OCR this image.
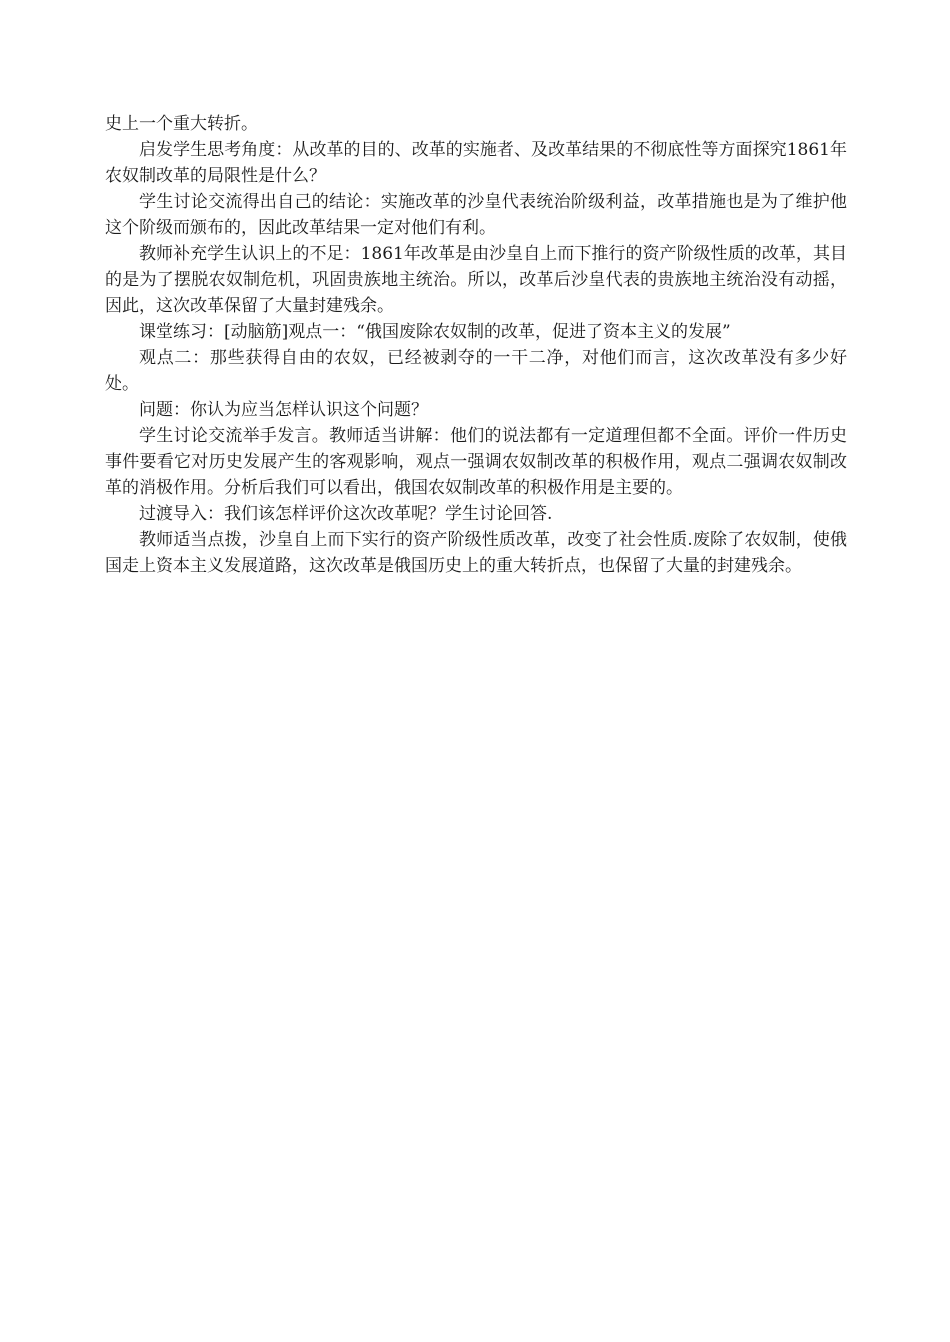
史上一个重大转折。

启发学生思考角度：从改革的目的、改革的实施者、及改革结果的不彻底性等方面探究1861年农奴制改革的局限性是什么？

学生讨论交流得出自己的结论：实施改革的沙皇代表统治阶级利益，改革措施也是为了维护他这个阶级而颁布的，因此改革结果一定对他们有利。

教师补充学生认识上的不足：1861年改革是由沙皇自上而下推行的资产阶级性质的改革，其目的是为了摆脱农奴制危机，巩固贵族地主统治。所以，改革后沙皇代表的贵族地主统治没有动摇，因此，这次改革保留了大量封建残余。

课堂练习：[动脑筋]观点一：“俄国废除农奴制的改革，促进了资本主义的发展”

观点二：那些获得自由的农奴，已经被剥夺的一干二净，对他们而言，这次改革没有多少好处。

问题：你认为应当怎样认识这个问题？

学生讨论交流举手发言。教师适当讲解：他们的说法都有一定道理但都不全面。评价一件历史事件要看它对历史发展产生的客观影响，观点一强调农奴制改革的积极作用，观点二强调农奴制改革的消极作用。分析后我们可以看出，俄国农奴制改革的积极作用是主要的。

过渡导入：我们该怎样评价这次改革呢？学生讨论回答.

教师适当点拨，沙皇自上而下实行的资产阶级性质改革，改变了社会性质.废除了农奴制，使俄国走上资本主义发展道路，这次改革是俄国历史上的重大转折点，也保留了大量的封建残余。
